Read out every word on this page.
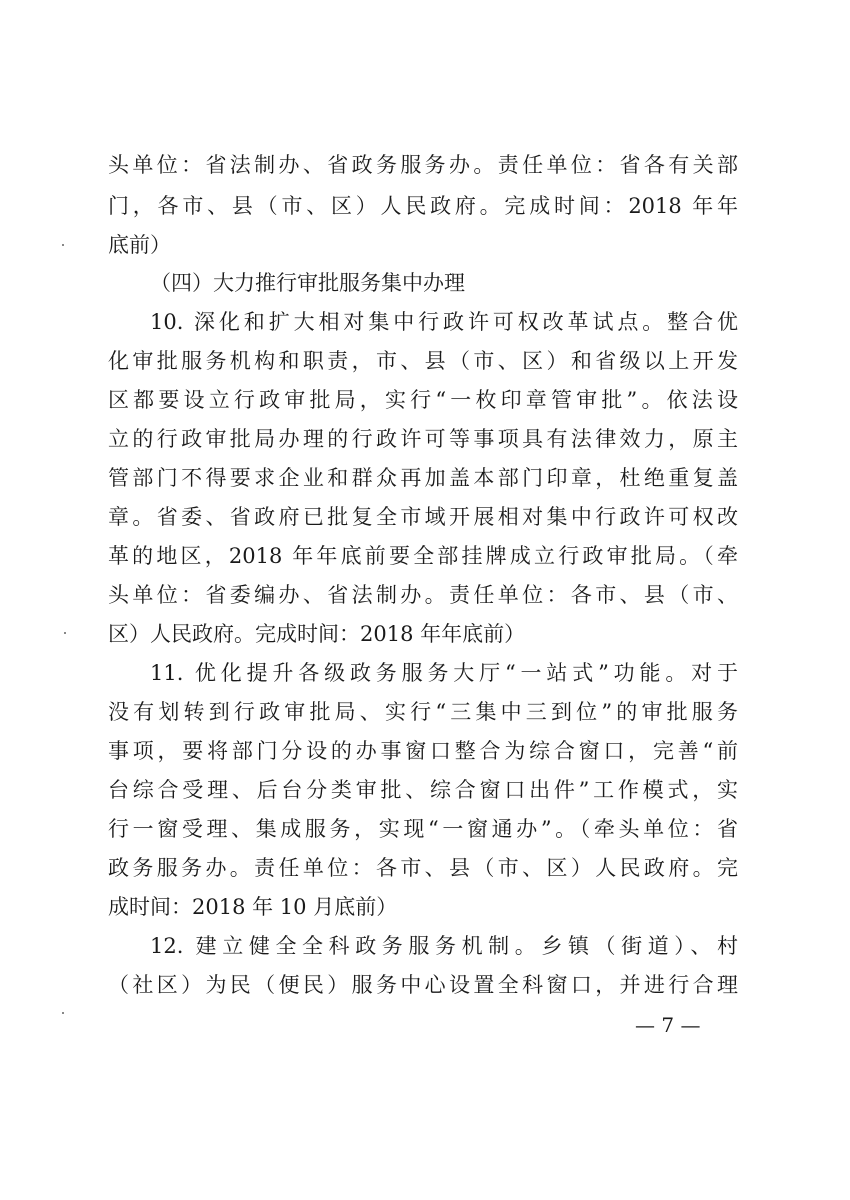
头单位：省法制办、省政务服务办。责任单位：省各有关部
门，各市、县（市、区）人民政府。完成时间：2018 年年
底前）
（四）大力推行审批服务集中办理
10. 深化和扩大相对集中行政许可权改革试点。整合优
化审批服务机构和职责，市、县（市、区）和省级以上开发
区都要设立行政审批局，实行“一枚印章管审批”。依法设
立的行政审批局办理的行政许可等事项具有法律效力，原主
管部门不得要求企业和群众再加盖本部门印章，杜绝重复盖
章。省委、省政府已批复全市域开展相对集中行政许可权改
革的地区，2018 年年底前要全部挂牌成立行政审批局。（牵
头单位：省委编办、省法制办。责任单位：各市、县（市、
区）人民政府。完成时间：2018 年年底前）
11. 优化提升各级政务服务大厅“一站式”功能。对于
没有划转到行政审批局、实行“三集中三到位”的审批服务
事项，要将部门分设的办事窗口整合为综合窗口，完善“前
台综合受理、后台分类审批、综合窗口出件”工作模式，实
行一窗受理、集成服务，实现“一窗通办”。（牵头单位：省
政务服务办。责任单位：各市、县（市、区）人民政府。完
成时间：2018 年 10 月底前）
12. 建立健全全科政务服务机制。乡镇（街道）、村
（社区）为民（便民）服务中心设置全科窗口，并进行合理
— 7 —
